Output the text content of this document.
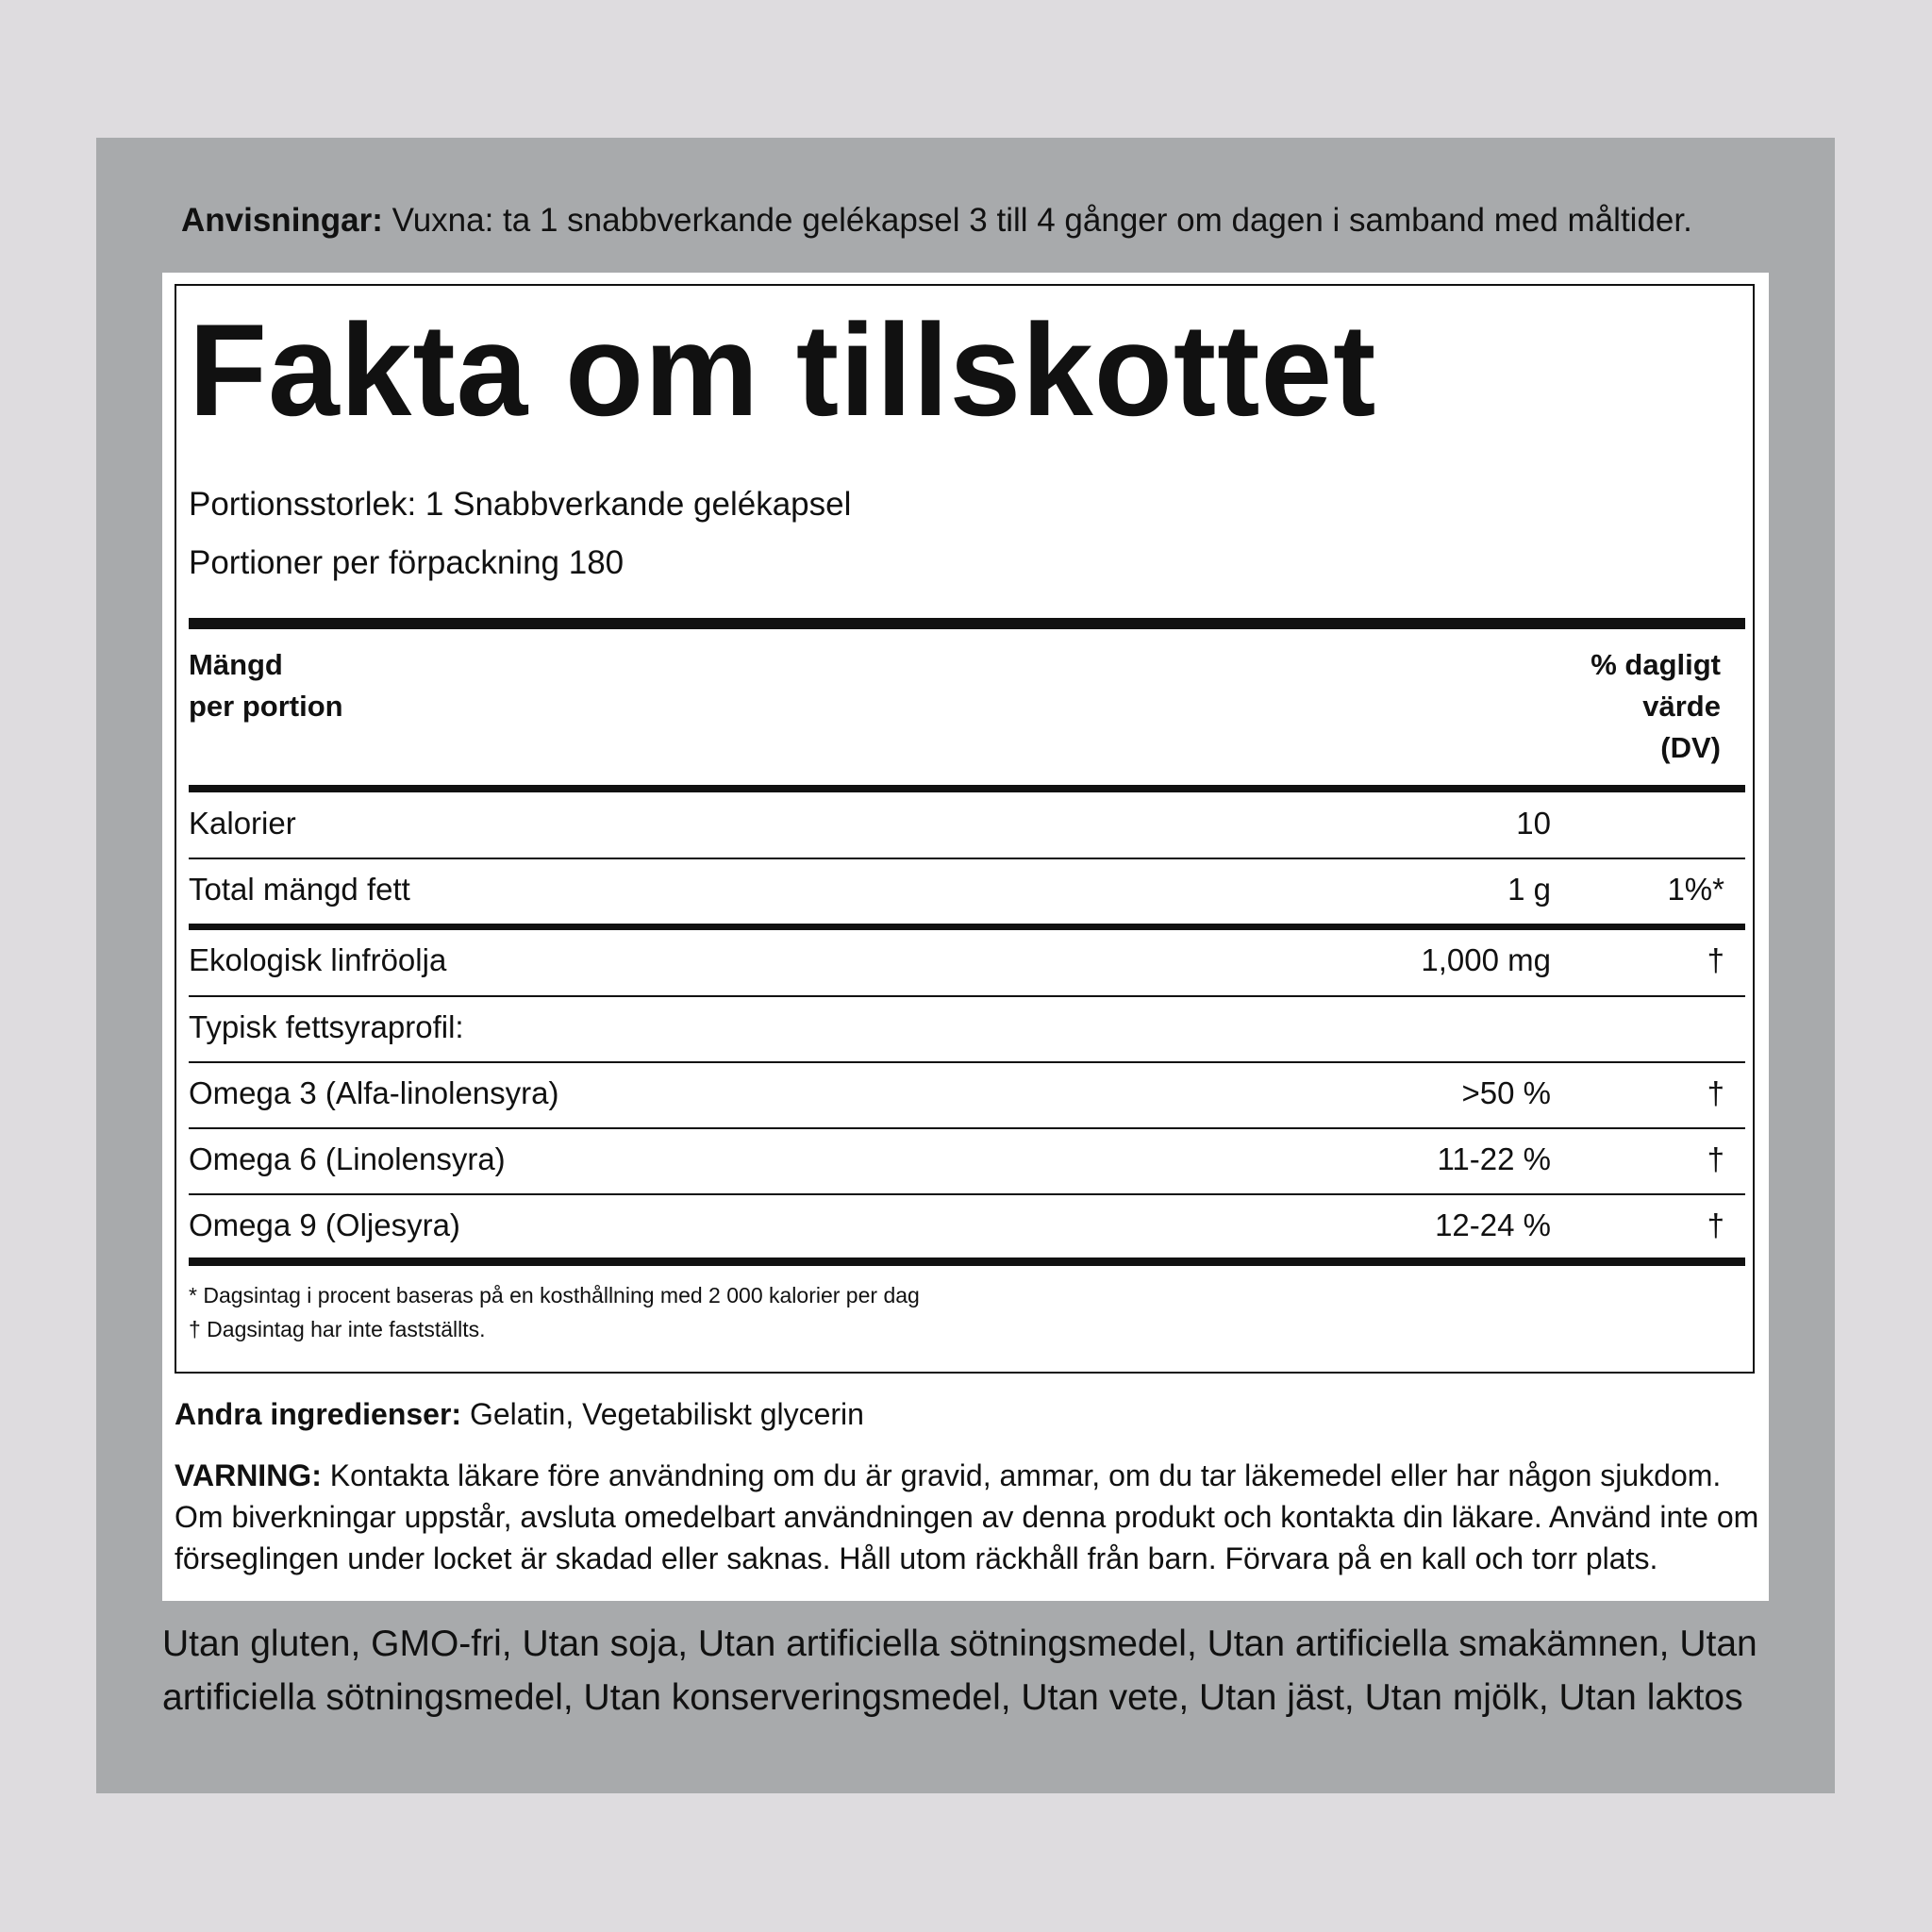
Anvisningar: Vuxna: ta 1 snabbverkande gelékapsel 3 till 4 gånger om dagen i samband med måltider.
Fakta om tillskottet
Portionsstorlek: 1 Snabbverkande gelékapsel
Portioner per förpackning 180
Mängd
per portion
% dagligt
värde
(DV)
Kalorier	10
Total mängd fett	1 g	1%*
Ekologisk linfröolja	1,000 mg	†
Typisk fettsyraprofil:
Omega 3 (Alfa-linolensyra)	>50 %	†
Omega 6 (Linolensyra)	11-22 %	†
Omega 9 (Oljesyra)	12-24 %	†
* Dagsintag i procent baseras på en kosthållning med 2 000 kalorier per dag
† Dagsintag har inte fastställts.
Andra ingredienser: Gelatin, Vegetabiliskt glycerin
VARNING: Kontakta läkare före användning om du är gravid, ammar, om du tar läkemedel eller har någon sjukdom. Om biverkningar uppstår, avsluta omedelbart användningen av denna produkt och kontakta din läkare. Använd inte om förseglingen under locket är skadad eller saknas. Håll utom räckhåll från barn. Förvara på en kall och torr plats.
Utan gluten, GMO-fri, Utan soja, Utan artificiella sötningsmedel, Utan artificiella smakämnen, Utan artificiella sötningsmedel, Utan konserveringsmedel, Utan vete, Utan jäst, Utan mjölk, Utan laktos
